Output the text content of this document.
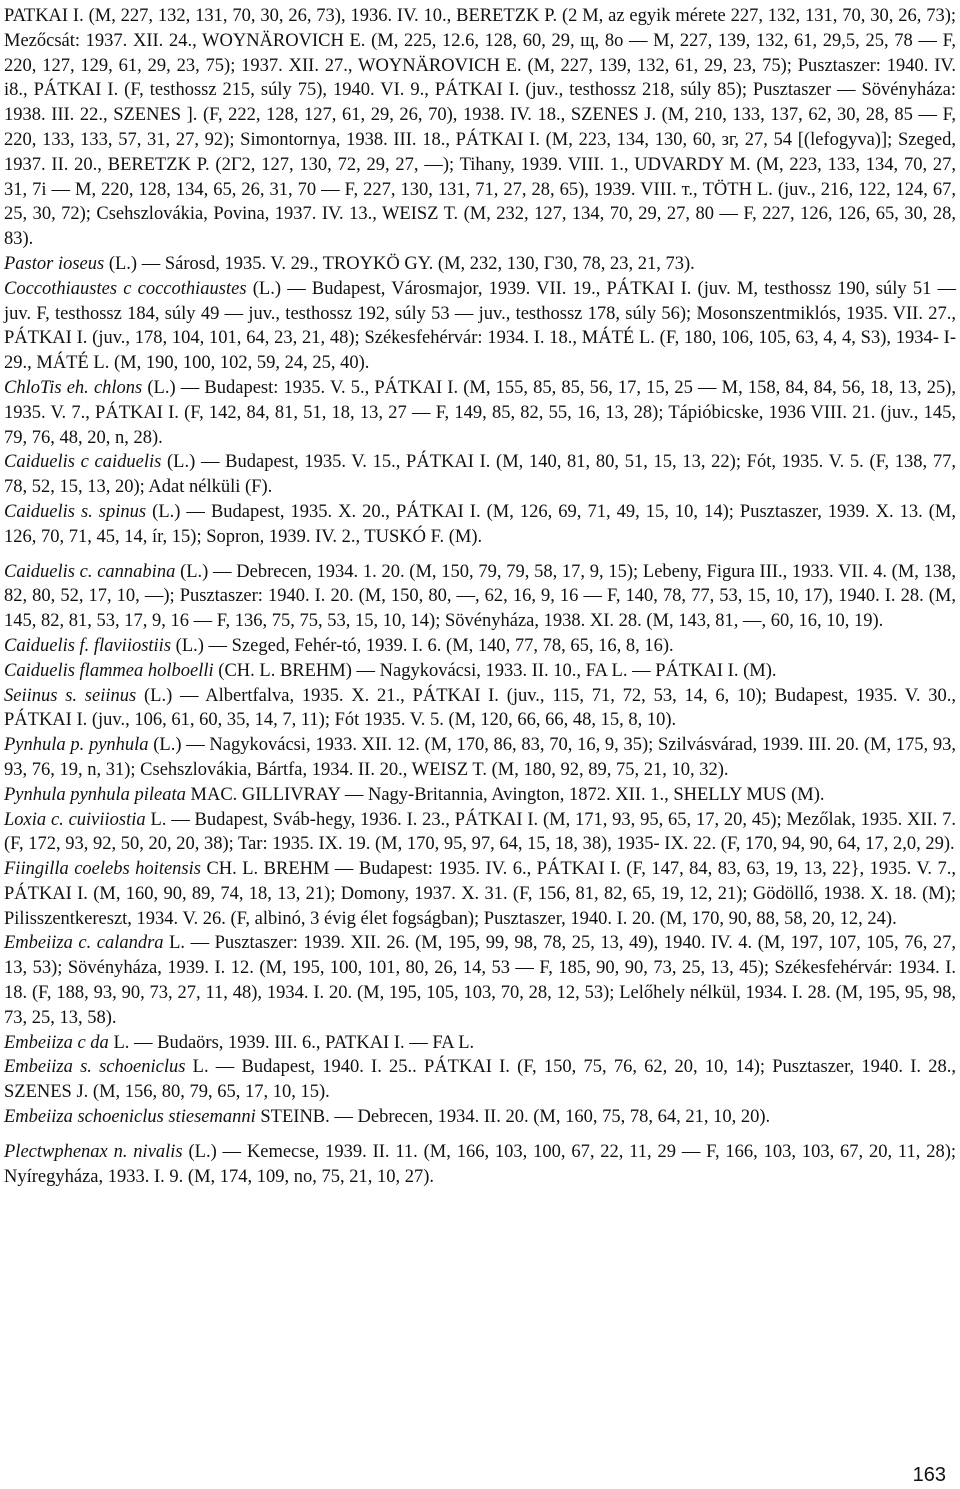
PATKAI I. (M, 227, 132, 131, 70, 30, 26, 73), 1936. IV. 10., BERETZK P. (2 M, az egyik mérete 227, 132, 131, 70, 30, 26, 73); Mezőcsát: 1937. XII. 24., WOYNÄROVICH E. (M, 225, 12.6, 128, 60, 29, щ, 8o — M, 227, 139, 132, 61, 29,5, 25, 78 — F, 220, 127, 129, 61, 29, 23, 75); 1937. XII. 27., WOYNÄROVICH E. (M, 227, 139, 132, 61, 29, 23, 75); Pusztaszer: 1940. IV. i8., PÁTKAI I. (F, testhossz 215, súly 75), 1940. VI. 9., PÁTKAI I. (juv., testhossz 218, súly 85); Pusztaszer — Sövényháza: 1938. III. 22., SZENES ]. (F, 222, 128, 127, 61, 29, 26, 70), 1938. IV. 18., SZENES J. (M, 210, 133, 137, 62, 30, 28, 85 — F, 220, 133, 133, 57, 31, 27, 92); Simontornya, 1938. III. 18., PÁTKAI I. (M, 223, 134, 130, 60, зг, 27, 54 [(lefogyva)]; Szeged, 1937. II. 20., BERETZK P. (2Г2, 127, 130, 72, 29, 27, —); Tihany, 1939. VIII. 1., UDVARDY M. (M, 223, 133, 134, 70, 27, 31, 7i — M, 220, 128, 134, 65, 26, 31, 70 — F, 227, 130, 131, 71, 27, 28, 65), 1939. VIII. т., TÖTH L. (juv., 216, 122, 124, 67, 25, 30, 72); Csehszlovákia, Povina, 1937. IV. 13., WEISZ T. (M, 232, 127, 134, 70, 29, 27, 80 — F, 227, 126, 126, 65, 30, 28, 83).

Pastor ioseus (L.) — Sárosd, 1935. V. 29., TROYKÖ GY. (M, 232, 130, Г30, 78, 23, 21, 73).

Coccothiaustes c coccothiaustes (L.) — Budapest, Városmajor, 1939. VII. 19., PÁTKAI I. (juv. M, testhossz 190, súly 51 — juv. F, testhossz 184, súly 49 — juv., testhossz 192, súly 53 — juv., testhossz 178, súly 56); Mosonszentmiklós, 1935. VII. 27., PÁTKAI I. (juv., 178, 104, 101, 64, 23, 21, 48); Székesfehérvár: 1934. I. 18., MÁTÉ L. (F, 180, 106, 105, 63, 4, 4, S3), 1934- I- 29., MÁTÉ L. (M, 190, 100, 102, 59, 24, 25, 40).

ChloTis eh. chlons (L.) — Budapest: 1935. V. 5., PÁTKAI I. (M, 155, 85, 85, 56, 17, 15, 25 — M, 158, 84, 84, 56, 18, 13, 25), 1935. V. 7., PÁTKAI I. (F, 142, 84, 81, 51, 18, 13, 27 — F, 149, 85, 82, 55, 16, 13, 28); Tápióbicske, 1936 VIII. 21. (juv., 145, 79, 76, 48, 20, n, 28).

Caiduelis c caiduelis (L.) — Budapest, 1935. V. 15., PÁTKAI I. (M, 140, 81, 80, 51, 15, 13, 22); Fót, 1935. V. 5. (F, 138, 77, 78, 52, 15, 13, 20); Adat nélküli (F).

Caiduelis s. spinus (L.) — Budapest, 1935. X. 20., PÁTKAI I. (M, 126, 69, 71, 49, 15, 10, 14); Pusztaszer, 1939. X. 13. (M, 126, 70, 71, 45, 14, ír, 15); Sopron, 1939. IV. 2., TUSKÓ F. (M).

Caiduelis c. cannabina (L.) — Debrecen, 1934. 1. 20. (M, 150, 79, 79, 58, 17, 9, 15); Lebeny, Figura III., 1933. VII. 4. (M, 138, 82, 80, 52, 17, 10, —); Pusztaszer: 1940. I. 20. (M, 150, 80, —, 62, 16, 9, 16 — F, 140, 78, 77, 53, 15, 10, 17), 1940. I. 28. (M, 145, 82, 81, 53, 17, 9, 16 — F, 136, 75, 75, 53, 15, 10, 14); Sövényháza, 1938. XI. 28. (M, 143, 81, —, 60, 16, 10, 19).

Caiduelis f. flaviiostiis (L.) — Szeged, Fehér-tó, 1939. I. 6. (M, 140, 77, 78, 65, 16, 8, 16).

Caiduelis flammea holboelli (CH. L. BREHM) — Nagykovácsi, 1933. II. 10., FA L. — PÁTKAI I. (M).

Seiinus s. seiinus (L.) — Albertfalva, 1935. X. 21., PÁTKAI I. (juv., 115, 71, 72, 53, 14, 6, 10); Budapest, 1935. V. 30., PÁTKAI I. (juv., 106, 61, 60, 35, 14, 7, 11); Fót 1935. V. 5. (M, 120, 66, 66, 48, 15, 8, 10).

Pynhula p. pynhula (L.) — Nagykovácsi, 1933. XII. 12. (M, 170, 86, 83, 70, 16, 9, 35); Szilvásvárad, 1939. III. 20. (M, 175, 93, 93, 76, 19, n, 31); Csehszlovákia, Bártfa, 1934. II. 20., WEISZ T. (M, 180, 92, 89, 75, 21, 10, 32).

Pynhula pynhula pileata MAC. GILLIVRAY — Nagy-Britannia, Avington, 1872. XII. 1., SHELLY MUS (M).

Loxia c. cuiviiostia L. — Budapest, Sváb-hegy, 1936. I. 23., PÁTKAI I. (M, 171, 93, 95, 65, 17, 20, 45); Mezőlak, 1935. XII. 7. (F, 172, 93, 92, 50, 20, 20, 38); Tar: 1935. IX. 19. (M, 170, 95, 97, 64, 15, 18, 38), 1935- IX. 22. (F, 170, 94, 90, 64, 17, 2,0, 29).

Fiingilla coelebs hoitensis CH. L. BREHM — Budapest: 1935. IV. 6., PÁTKAI I. (F, 147, 84, 83, 63, 19, 13, 22}, 1935. V. 7., PÁTKAI I. (M, 160, 90, 89, 74, 18, 13, 21); Domony, 1937. X. 31. (F, 156, 81, 82, 65, 19, 12, 21); Gödöllő, 1938. X. 18. (M); Pilisszentkereszt, 1934. V. 26. (F, albinó, 3 évig élet fogságban); Pusztaszer, 1940. I. 20. (M, 170, 90, 88, 58, 20, 12, 24).

Embeiiza c. calandra L. — Pusztaszer: 1939. XII. 26. (M, 195, 99, 98, 78, 25, 13, 49), 1940. IV. 4. (M, 197, 107, 105, 76, 27, 13, 53); Sövényháza, 1939. I. 12. (M, 195, 100, 101, 80, 26, 14, 53 — F, 185, 90, 90, 73, 25, 13, 45); Székesfehérvár: 1934. I. 18. (F, 188, 93, 90, 73, 27, 11, 48), 1934. I. 20. (M, 195, 105, 103, 70, 28, 12, 53); Lelőhely nélkül, 1934. I. 28. (M, 195, 95, 98, 73, 25, 13, 58).

Embeiiza c da L. — Budaörs, 1939. III. 6., PATKAI I. — FA L.

Embeiiza s. schoeniclus L. — Budapest, 1940. I. 25.. PÁTKAI I. (F, 150, 75, 76, 62, 20, 10, 14); Pusztaszer, 1940. I. 28., SZENES J. (M, 156, 80, 79, 65, 17, 10, 15).

Embeiiza schoeniclus stiesemanni STEINB. — Debrecen, 1934. II. 20. (M, 160, 75, 78, 64, 21, 10, 20).

Plectwphenax n. nivalis (L.) — Kemecse, 1939. II. 11. (M, 166, 103, 100, 67, 22, 11, 29 — F, 166, 103, 103, 67, 20, 11, 28); Nyíregyháza, 1933. I. 9. (M, 174, 109, no, 75, 21, 10, 27).

163
